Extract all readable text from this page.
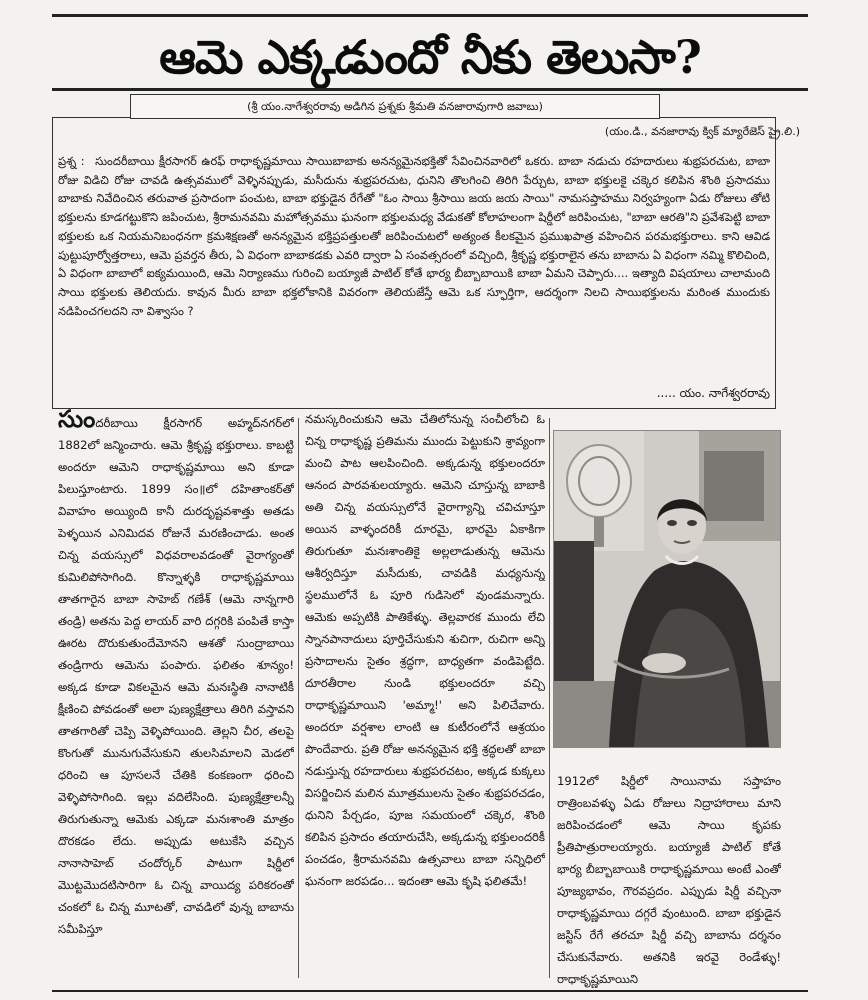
ఆమె ఎక్కడుందో నీకు తెలుసా?
(శ్రీ యం.నాగేశ్వరరావు అడిగిన ప్రశ్నకు శ్రీమతి వనజారావుగారి జవాబు)
(యం.డి., వనజారావు క్విక్ మ్యారేజెస్ ప్రై.లి.)
ప్రశ్న : సుందరీబాయి క్షీరసాగర్ ఉరఫ్ రాధాకృష్ణమాయి సాయిబాబాకు అనన్యమైనభక్తితో సేవించినవారిలో ఒకరు. బాబా నడుచు రహదారులు శుభ్రపరచుట, బాబా రోజు విడిచి రోజు చావడి ఉత్సవములో వెళ్ళినప్పుడు, మసీదును శుభ్రపరచుట, ధునిని తొలగించి తిరిగి పేర్చుట, బాబా భక్తులకై చక్కెర కలిపిన శొంఠి ప్రసాదము బాబాకు నివేదించిన తరువాత ప్రసాదంగా పంచుట, బాబా భక్తుడైన రేగేతో "ఓం సాయి శ్రీసాయి జయ జయ సాయి" నామసప్తాహము నిర్వహ్యంగా ఏడు రోజులు తోటి భక్తులను కూడగట్టుకొని జపించుట, శ్రీరామనవమి మహోత్సవము ఘనంగా భక్తులమధ్య వేడుకతో కోలాహలంగా షిర్డీలో జరిపించుట, "బాబా ఆరతి"ని ప్రవేశపెట్టి బాబా భక్తులకు ఒక నియమనిబంధనగా క్రమశిక్షణతో అనన్యమైన భక్తిప్రపత్తులతో జరిపించుటలో అత్యంత కీలకమైన ప్రముఖపాత్ర వహించిన పరమభక్తురాలు. కాని ఆవిడ పుట్టుపూర్వోత్తరాలు, ఆమె ప్రవర్తన తీరు, ఏ విధంగా బాబాకడకు ఎవరి ద్వారా ఏ సంవత్సరంలో వచ్చింది, శ్రీకృష్ణ భక్తురాలైన తను బాబాను ఏ విధంగా నమ్మి కొలిచింది, ఏ విధంగా బాబాలో ఐక్యమయింది, ఆమె నిర్యాణము గురించి బయ్యాజీ పాటిల్ కోతే భార్య బీబ్బాబాయికి బాబా ఏమని చెప్పారు.... ఇత్యాది విషయాలు చాలామంది సాయి భక్తులకు తెలియదు. కావున మీరు బాబా భక్తలోకానికి వివరంగా తెలియజేస్తే ఆమె ఒక స్ఫూర్తిగా, ఆదర్శంగా నిలచి సాయిభక్తులను మరింత ముందుకు నడిపించగలదని నా విశ్వాసం ?
..... యం. నాగేశ్వరరావు
సుందరీబాయి క్షీరసాగర్ అహ్మద్‌నగర్‌లో 1882లో జన్మించారు. ఆమె శ్రీకృష్ణ భక్తురాలు. కాబట్టి అందరూ ఆమెని రాధాకృష్ణమాయి అని కూడా పిలుస్తూంటారు. 1899 సం॥లో దహితాంకర్‌తో వివాహం అయ్యింది కానీ దురదృష్టవశాత్తు అతడు పెళ్ళయిన ఎనిమిదవ రోజునే మరణించాడు. అంత చిన్న వయస్సులో విధవరాలవడంతో వైరాగ్యంతో కుమిలిపోసాగింది. కొన్నాళ్ళకి రాధాకృష్ణమాయి తాతగారైన బాబా సాహెబ్ గణేశ్ (ఆమె నాన్నగారి తండ్రి) అతను పెద్ద లాయర్ వారి దగ్గరికి పంపితే కాస్తా ఊరట దొరుకుతుందేమోనని ఆశతో సుంద్రాబాయి తండ్రిగారు ఆమెను పంపారు. ఫలితం శూన్యం! అక్కడ కూడా వికలమైన ఆమె మనఃస్థితి నానాటికీ క్షీణించి పోవడంతో అలా పుణ్యక్షేత్రాలు తిరిగి వస్తావని తాతగారితో చెప్పి వెళ్ళిపోయింది. తెల్లని చీర, తలపై కొంగుతో మునుగువేసుకుని తులసిమాలని మెడలో ధరించి ఆ పూసలనే చేతికి కంకణంగా ధరించి వెళ్ళిపోసాగింది. ఇల్లు వదిలేసింది. పుణ్యక్షేత్రాలన్నీ తిరుగుతున్నా ఆమెకు ఎక్కడా మనఃశాంతి మాత్రం దొరకడం లేదు. అప్పుడు అటుకేసి వచ్చిన నానాసాహెబ్ చందోర్కర్ పాటుగా షిర్డీలో మొట్టమొదటిసారిగా ఓ చిన్న వాయిద్య పరికరంతో చంకలో ఓ చిన్న మూటతో, చావడిలో వున్న బాబాను సమీపిస్తూ
నమస్కరించుకుని ఆమె చేతిలోనున్న సంచీలోంచి ఓ చిన్న రాధాకృష్ణ ప్రతిమను ముందు పెట్టుకుని శ్రావ్యంగా మంచి పాట ఆలపించింది. అక్కడున్న భక్తులందరూ ఆనంద పారవశులయ్యారు. ఆమెని చూస్తున్న బాబాకి అతి చిన్న వయస్సులోనే వైరాగ్యాన్ని చవిచూస్తూ అయిన వాళ్ళందరికీ దూరమై, భారమై ఏకాకిగా తిరుగుతూ మనఃశాంతికై అల్లలాడుతున్న ఆమెను ఆశీర్వదిస్తూ మసీదుకు, చావడికి మధ్యనున్న స్థలములోనే ఓ పూరి గుడిసెలో వుండమన్నారు. ఆమెకు అప్పటికి పాతికేళ్ళు. తెల్లవారక ముందు లేచి స్నానపానాదులు పూర్తిచేసుకుని శుచిగా, రుచిగా అన్ని ప్రసాదాలను సైతం శ్రద్ధగా, బాధ్యతగా వండిపెట్టేది. దూరతీరాల నుండి భక్తులందరూ వచ్చి రాధాకృష్ణమాయిని 'అమ్మా!' అని పిలిచేవారు. అందరూ వర్షశాల లాంటి ఆ కుటీరంలోనే ఆశ్రయం పొందేవారు. ప్రతి రోజు అనన్యమైన భక్తి శ్రద్ధలతో బాబా నడుస్తున్న రహదారులు శుభ్రపరచటం, అక్కడ కుక్కలు విసర్జించిన మలిన మూత్రములను సైతం శుభ్రపరచడం, ధునిని పేర్చడం, పూజ సమయంలో చక్కెర, శొంఠి కలిపిన ప్రసాదం తయారుచేసి, అక్కడున్న భక్తులందరికీ పంచడం, శ్రీరామనవమి ఉత్సవాలు బాబా సన్నిధిలో ఘనంగా జరపడం... ఇదంతా ఆమె కృషి ఫలితమే!
1912లో షిర్డీలో సాయినామ సప్తాహం రాత్రింబవళ్ళు ఏడు రోజులు నిద్రాహారాలు మాని జరిపించడంలో ఆమె సాయి కృపకు ప్రీతిపాత్రురాలయ్యారు. బయ్యాజీ పాటిల్ కోతే భార్య బీబ్బాబాయికి రాధాకృష్ణమాయి అంటే ఎంతో పూజ్యభావం, గౌరవప్రదం. ఎప్పుడు షిర్డీ వచ్చినా రాధాకృష్ణమాయి దగ్గరే వుంటుంది. బాబా భక్తుడైన జస్టిస్ రేగే తరచూ షిర్డీ వచ్చి బాబాను దర్శనం చేసుకునేవారు. అతనికి ఇరవై రెండేళ్ళు! రాధాకృష్ణమాయిని
